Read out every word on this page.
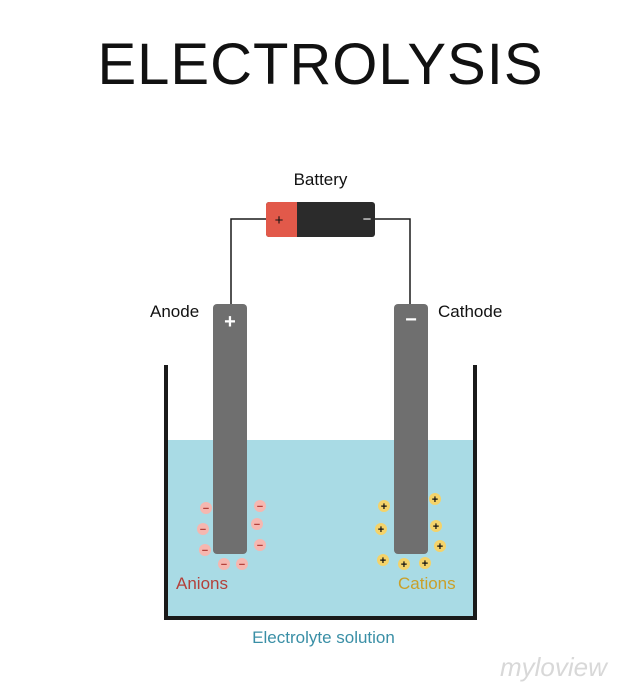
ELECTROLYSIS
+	−
+	−
−
−
−
− −
−
−
−
+
+
+ + +
+
+
+
Battery
Anode	Cathode
Anions	Cations
Electrolyte solution
myloview
